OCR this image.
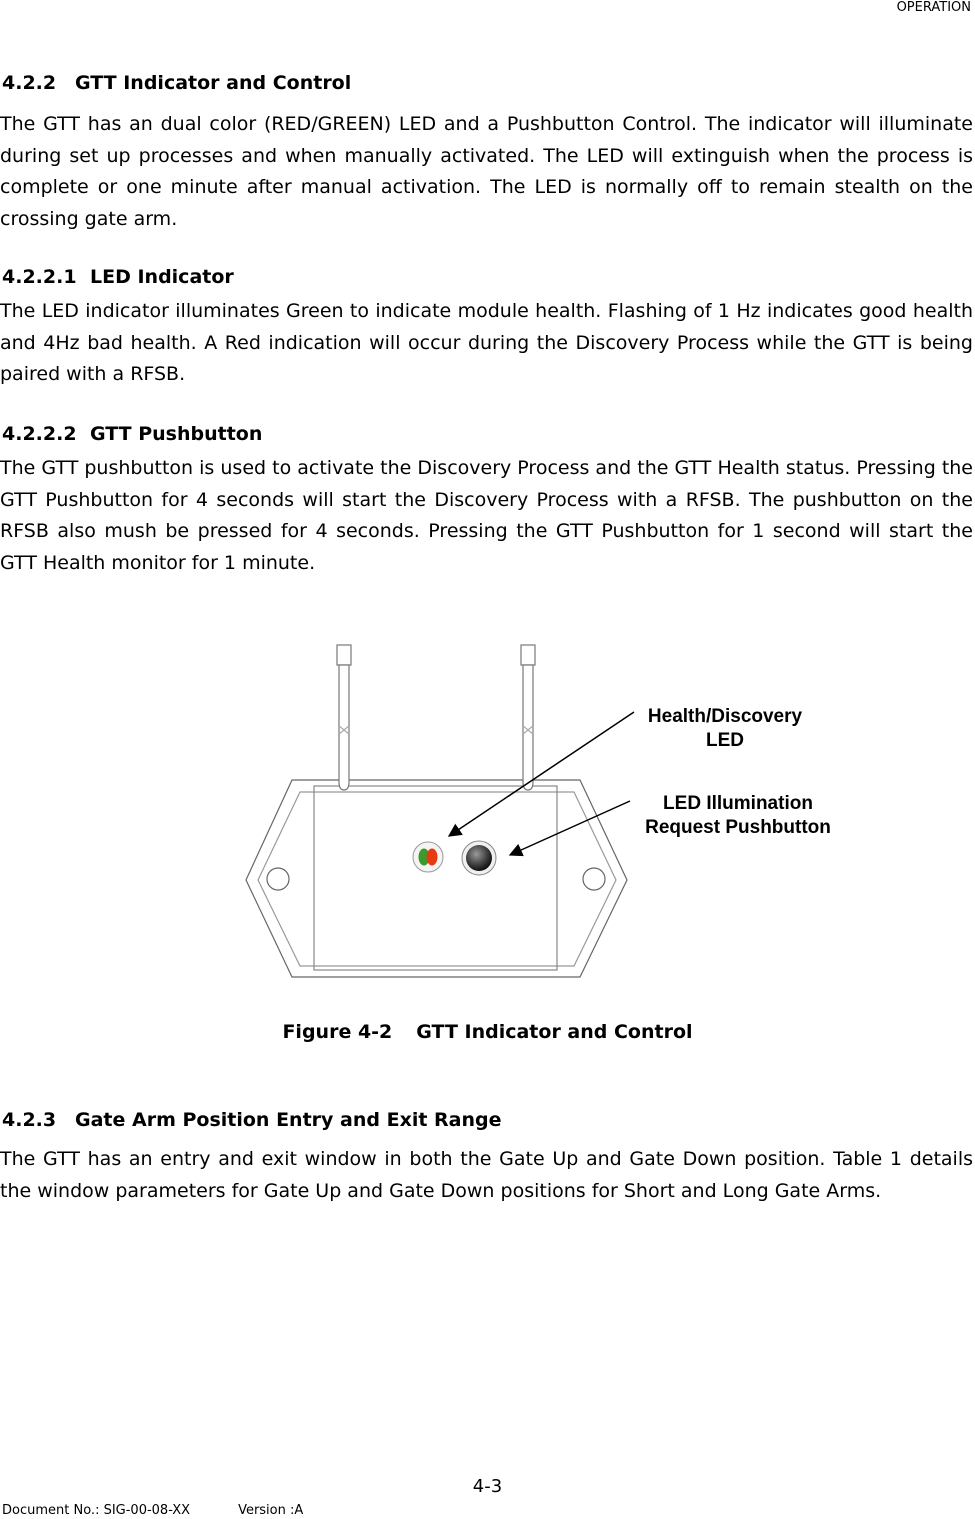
OPERATION
4.2.2 GTT Indicator and Control
The GTT has an dual color (RED/GREEN) LED and a Pushbutton Control. The indicator will illuminate during set up processes and when manually activated. The LED will extinguish when the process is complete or one minute after manual activation. The LED is normally off to remain stealth on the crossing gate arm.
4.2.2.1 LED Indicator
The LED indicator illuminates Green to indicate module health. Flashing of 1 Hz indicates good health and 4Hz bad health. A Red indication will occur during the Discovery Process while the GTT is being paired with a RFSB.
4.2.2.2 GTT Pushbutton
The GTT pushbutton is used to activate the Discovery Process and the GTT Health status. Pressing the GTT Pushbutton for 4 seconds will start the Discovery Process with a RFSB. The pushbutton on the RFSB also mush be pressed for 4 seconds. Pressing the GTT Pushbutton for 1 second will start the GTT Health monitor for 1 minute.
Health/Discovery
LED
LED Illumination
Request Pushbutton
Figure 4-2 GTT Indicator and Control
4.2.3 Gate Arm Position Entry and Exit Range
The GTT has an entry and exit window in both the Gate Up and Gate Down position. Table 1 details the window parameters for Gate Up and Gate Down positions for Short and Long Gate Arms.
4-3
Document No.: SIG-00-08-XX	Version :A
